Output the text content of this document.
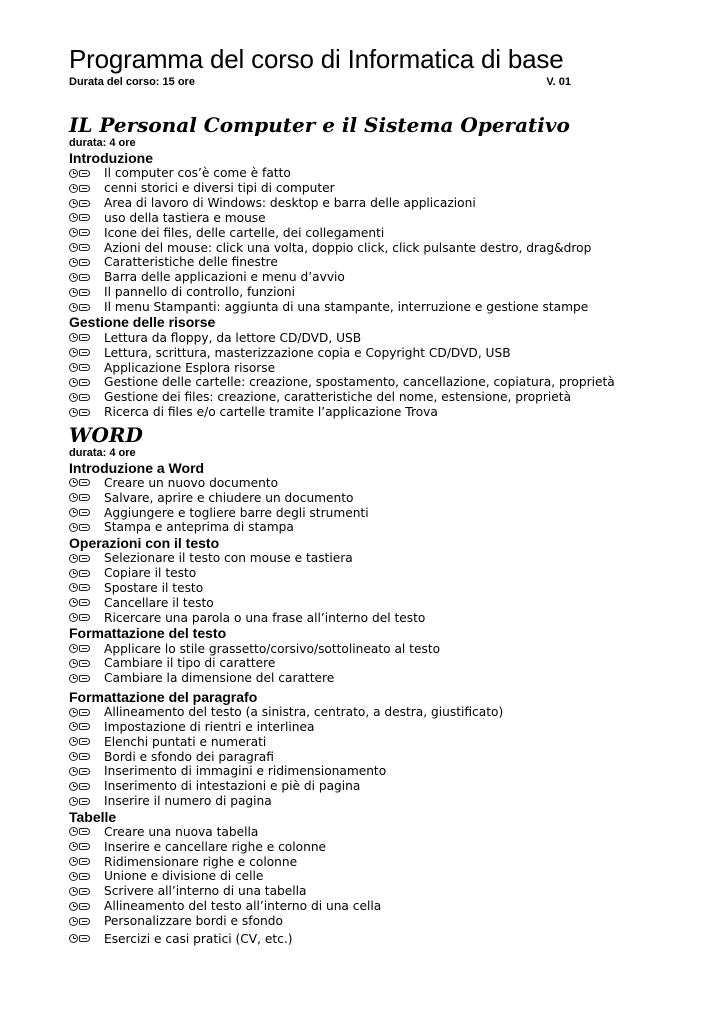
Programma del corso di Informatica di base
Durata del corso: 15 ore	V. 01
IL Personal Computer e il Sistema Operativo
durata: 4 ore
Introduzione
Il computer cos’è come è fatto
cenni storici e diversi tipi di computer
Area di lavoro di Windows: desktop e barra delle applicazioni
uso della tastiera e mouse
Icone dei files, delle cartelle, dei collegamenti
Azioni del mouse: click una volta, doppio click, click pulsante destro, drag&drop
Caratteristiche delle finestre
Barra delle applicazioni e menu d’avvio
Il pannello di controllo, funzioni
Il menu Stampanti: aggiunta di una stampante, interruzione e gestione stampe
Gestione delle risorse
Lettura da floppy, da lettore CD/DVD, USB
Lettura, scrittura, masterizzazione copia e Copyright CD/DVD, USB
Applicazione Esplora risorse
Gestione delle cartelle: creazione, spostamento, cancellazione, copiatura, proprietà
Gestione dei files: creazione, caratteristiche del nome, estensione, proprietà
Ricerca di files e/o cartelle tramite l’applicazione Trova
WORD
durata: 4 ore
Introduzione a Word
Creare un nuovo documento
Salvare, aprire e chiudere un documento
Aggiungere e togliere barre degli strumenti
Stampa e anteprima di stampa
Operazioni con il testo
Selezionare il testo con mouse e tastiera
Copiare il testo
Spostare il testo
Cancellare il testo
Ricercare una parola o una frase all’interno del testo
Formattazione del testo
Applicare lo stile grassetto/corsivo/sottolineato al testo
Cambiare il tipo di carattere
Cambiare la dimensione del carattere
Formattazione del paragrafo
Allineamento del testo (a sinistra, centrato, a destra, giustificato)
Impostazione di rientri e interlinea
Elenchi puntati e numerati
Bordi e sfondo dei paragrafi
Inserimento di immagini e ridimensionamento
Inserimento di intestazioni e piè di pagina
Inserire il numero di pagina
Tabelle
Creare una nuova tabella
Inserire e cancellare righe e colonne
Ridimensionare righe e colonne
Unione e divisione di celle
Scrivere all’interno di una tabella
Allineamento del testo all’interno di una cella
Personalizzare bordi e sfondo
Esercizi e casi pratici (CV, etc.)
